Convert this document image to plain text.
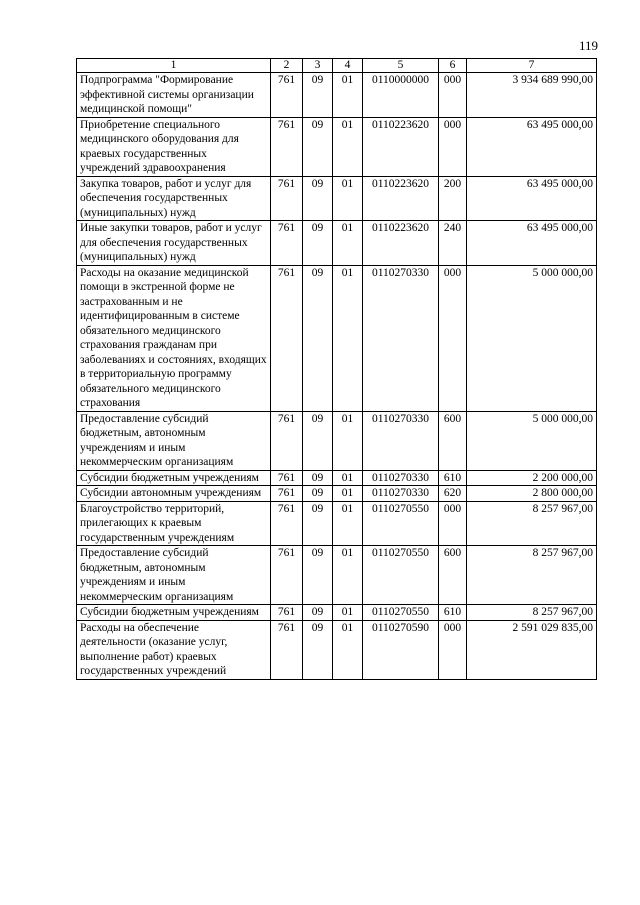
119
1	2	3	4	5	6	7
Подпрограмма "Формирование эффективной системы организации медицинской помощи"	761	09	01	0110000000	000	3 934 689 990,00
Приобретение специального медицинского оборудования для краевых государственных учреждений здравоохранения	761	09	01	0110223620	000	63 495 000,00
Закупка товаров, работ и услуг для обеспечения государственных (муниципальных) нужд	761	09	01	0110223620	200	63 495 000,00
Иные закупки товаров, работ и услуг для обеспечения государственных (муниципальных) нужд	761	09	01	0110223620	240	63 495 000,00
Расходы на оказание медицинской помощи в экстренной форме не застрахованным и не идентифицированным в системе обязательного медицинского страхования гражданам при заболеваниях и состояниях, входящих в территориальную программу обязательного медицинского страхования	761	09	01	0110270330	000	5 000 000,00
Предоставление субсидий бюджетным, автономным учреждениям и иным некоммерческим организациям	761	09	01	0110270330	600	5 000 000,00
Субсидии бюджетным учреждениям	761	09	01	0110270330	610	2 200 000,00
Субсидии автономным учреждениям	761	09	01	0110270330	620	2 800 000,00
Благоустройство территорий, прилегающих к краевым государственным учреждениям	761	09	01	0110270550	000	8 257 967,00
Предоставление субсидий бюджетным, автономным учреждениям и иным некоммерческим организациям	761	09	01	0110270550	600	8 257 967,00
Субсидии бюджетным учреждениям	761	09	01	0110270550	610	8 257 967,00
Расходы на обеспечение деятельности (оказание услуг, выполнение работ) краевых государственных учреждений	761	09	01	0110270590	000	2 591 029 835,00
